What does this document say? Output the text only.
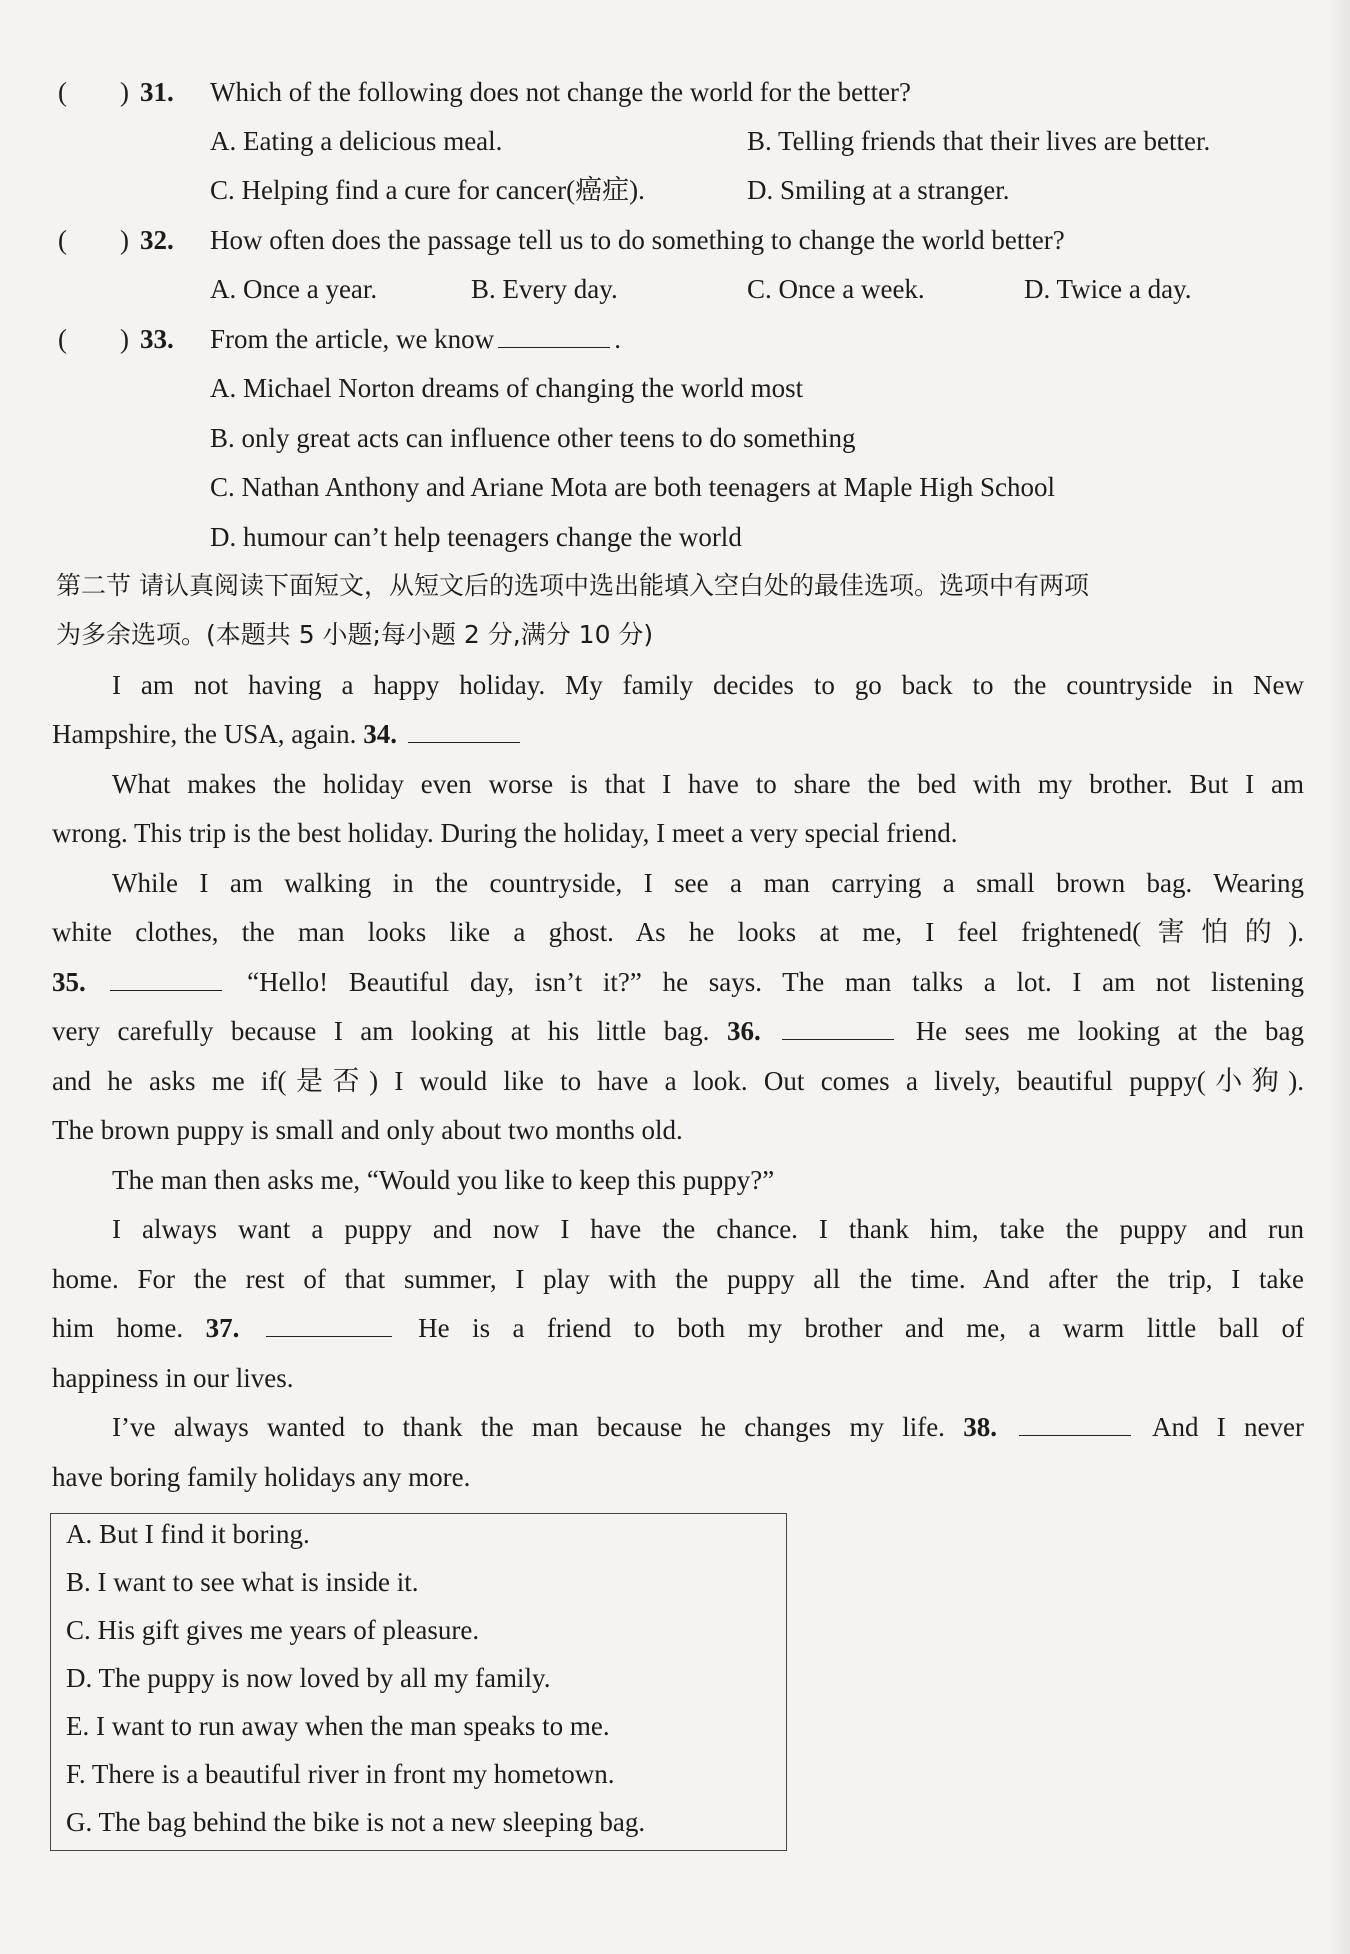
( ) 31. Which of the following does not change the world for the better?
A. Eating a delicious meal.	B. Telling friends that their lives are better.
C. Helping find a cure for cancer(癌症).	D. Smiling at a stranger.
( ) 32. How often does the passage tell us to do something to change the world better?
A. Once a year.	B. Every day.	C. Once a week.	D. Twice a day.
( ) 33. From the article, we know	.
A. Michael Norton dreams of changing the world most
B. only great acts can influence other teens to do something
C. Nathan Anthony and Ariane Mota are both teenagers at Maple High School
D. humour can’t help teenagers change the world
第二节 请认真阅读下面短文，从短文后的选项中选出能填入空白处的最佳选项。选项中有两项
为多余选项。(本题共 5 小题;每小题 2 分,满分 10 分)
I am not having a happy holiday. My family decides to go back to the countryside in New
Hampshire, the USA, again. 34.
What makes the holiday even worse is that I have to share the bed with my brother. But I am
wrong. This trip is the best holiday. During the holiday, I meet a very special friend.
While I am walking in the countryside, I see a man carrying a small brown bag. Wearing
white clothes, the man looks like a ghost. As he looks at me, I feel frightened(害怕的).
35.	“Hello! Beautiful day, isn’t it?” he says. The man talks a lot. I am not listening
very carefully because I am looking at his little bag. 36.	He sees me looking at the bag
and he asks me if(是否) I would like to have a look. Out comes a lively, beautiful puppy(小狗).
The brown puppy is small and only about two months old.
The man then asks me, “Would you like to keep this puppy?”
I always want a puppy and now I have the chance. I thank him, take the puppy and run
home. For the rest of that summer, I play with the puppy all the time. And after the trip, I take
him home. 37.	He is a friend to both my brother and me, a warm little ball of
happiness in our lives.
I’ve always wanted to thank the man because he changes my life. 38.	And I never
have boring family holidays any more.
A. But I find it boring.
B. I want to see what is inside it.
C. His gift gives me years of pleasure.
D. The puppy is now loved by all my family.
E. I want to run away when the man speaks to me.
F. There is a beautiful river in front my hometown.
G. The bag behind the bike is not a new sleeping bag.
